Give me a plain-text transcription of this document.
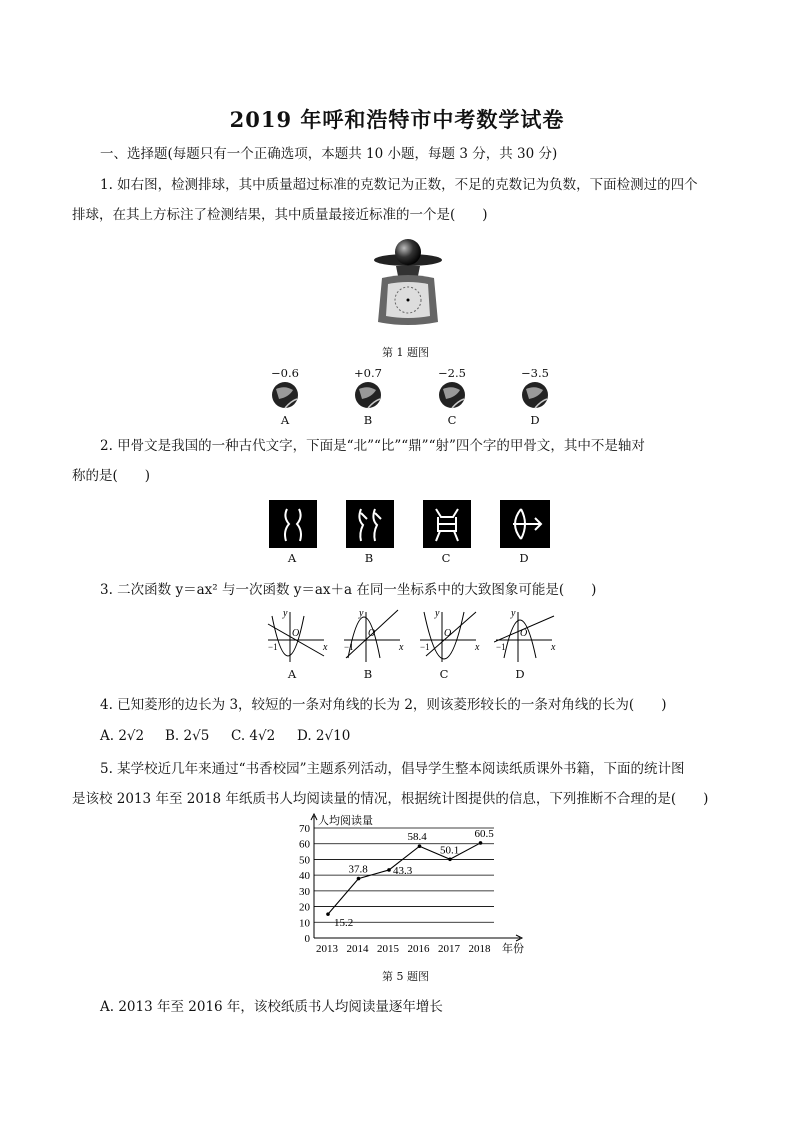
2019 年呼和浩特市中考数学试卷
一、选择题(每题只有一个正确选项，本题共 10 小题，每题 3 分，共 30 分)
1. 如右图，检测排球，其中质量超过标准的克数记为正数，不足的克数记为负数，下面检测过的四个
排球，在其上方标注了检测结果，其中质量最接近标准的一个是(　　)
第 1 题图
−0.6
A
+0.7
B
−2.5
C
−3.5
D
2. 甲骨文是我国的一种古代文字，下面是“北”“比”“鼎”“射”四个字的甲骨文，其中不是轴对
称的是(　　)
A	B	C	D
3. 二次函数 y＝ax² 与一次函数 y＝ax＋a 在同一坐标系中的大致图象可能是(　　)
y
x
O
−1
A
y
x
O
−1
B
y
x
O
−1
C
y
x
O
−1
D
4. 已知菱形的边长为 3，较短的一条对角线的长为 2，则该菱形较长的一条对角线的长为(　　)
A. 2√2 B. 2√5 C. 4√2 D. 2√10
5. 某学校近几年来通过“书香校园”主题系列活动，倡导学生整本阅读纸质课外书籍，下面的统计图
是该校 2013 年至 2018 年纸质书人均阅读量的情况，根据统计图提供的信息，下列推断不合理的是(　　)
0
10
20
30
40
50
60
70
人均阅读量
15.2
2013
37.8
2014
43.3
2015
58.4
2016
50.1
2017
60.5
2018 年份
第 5 题图
A. 2013 年至 2016 年，该校纸质书人均阅读量逐年增长
